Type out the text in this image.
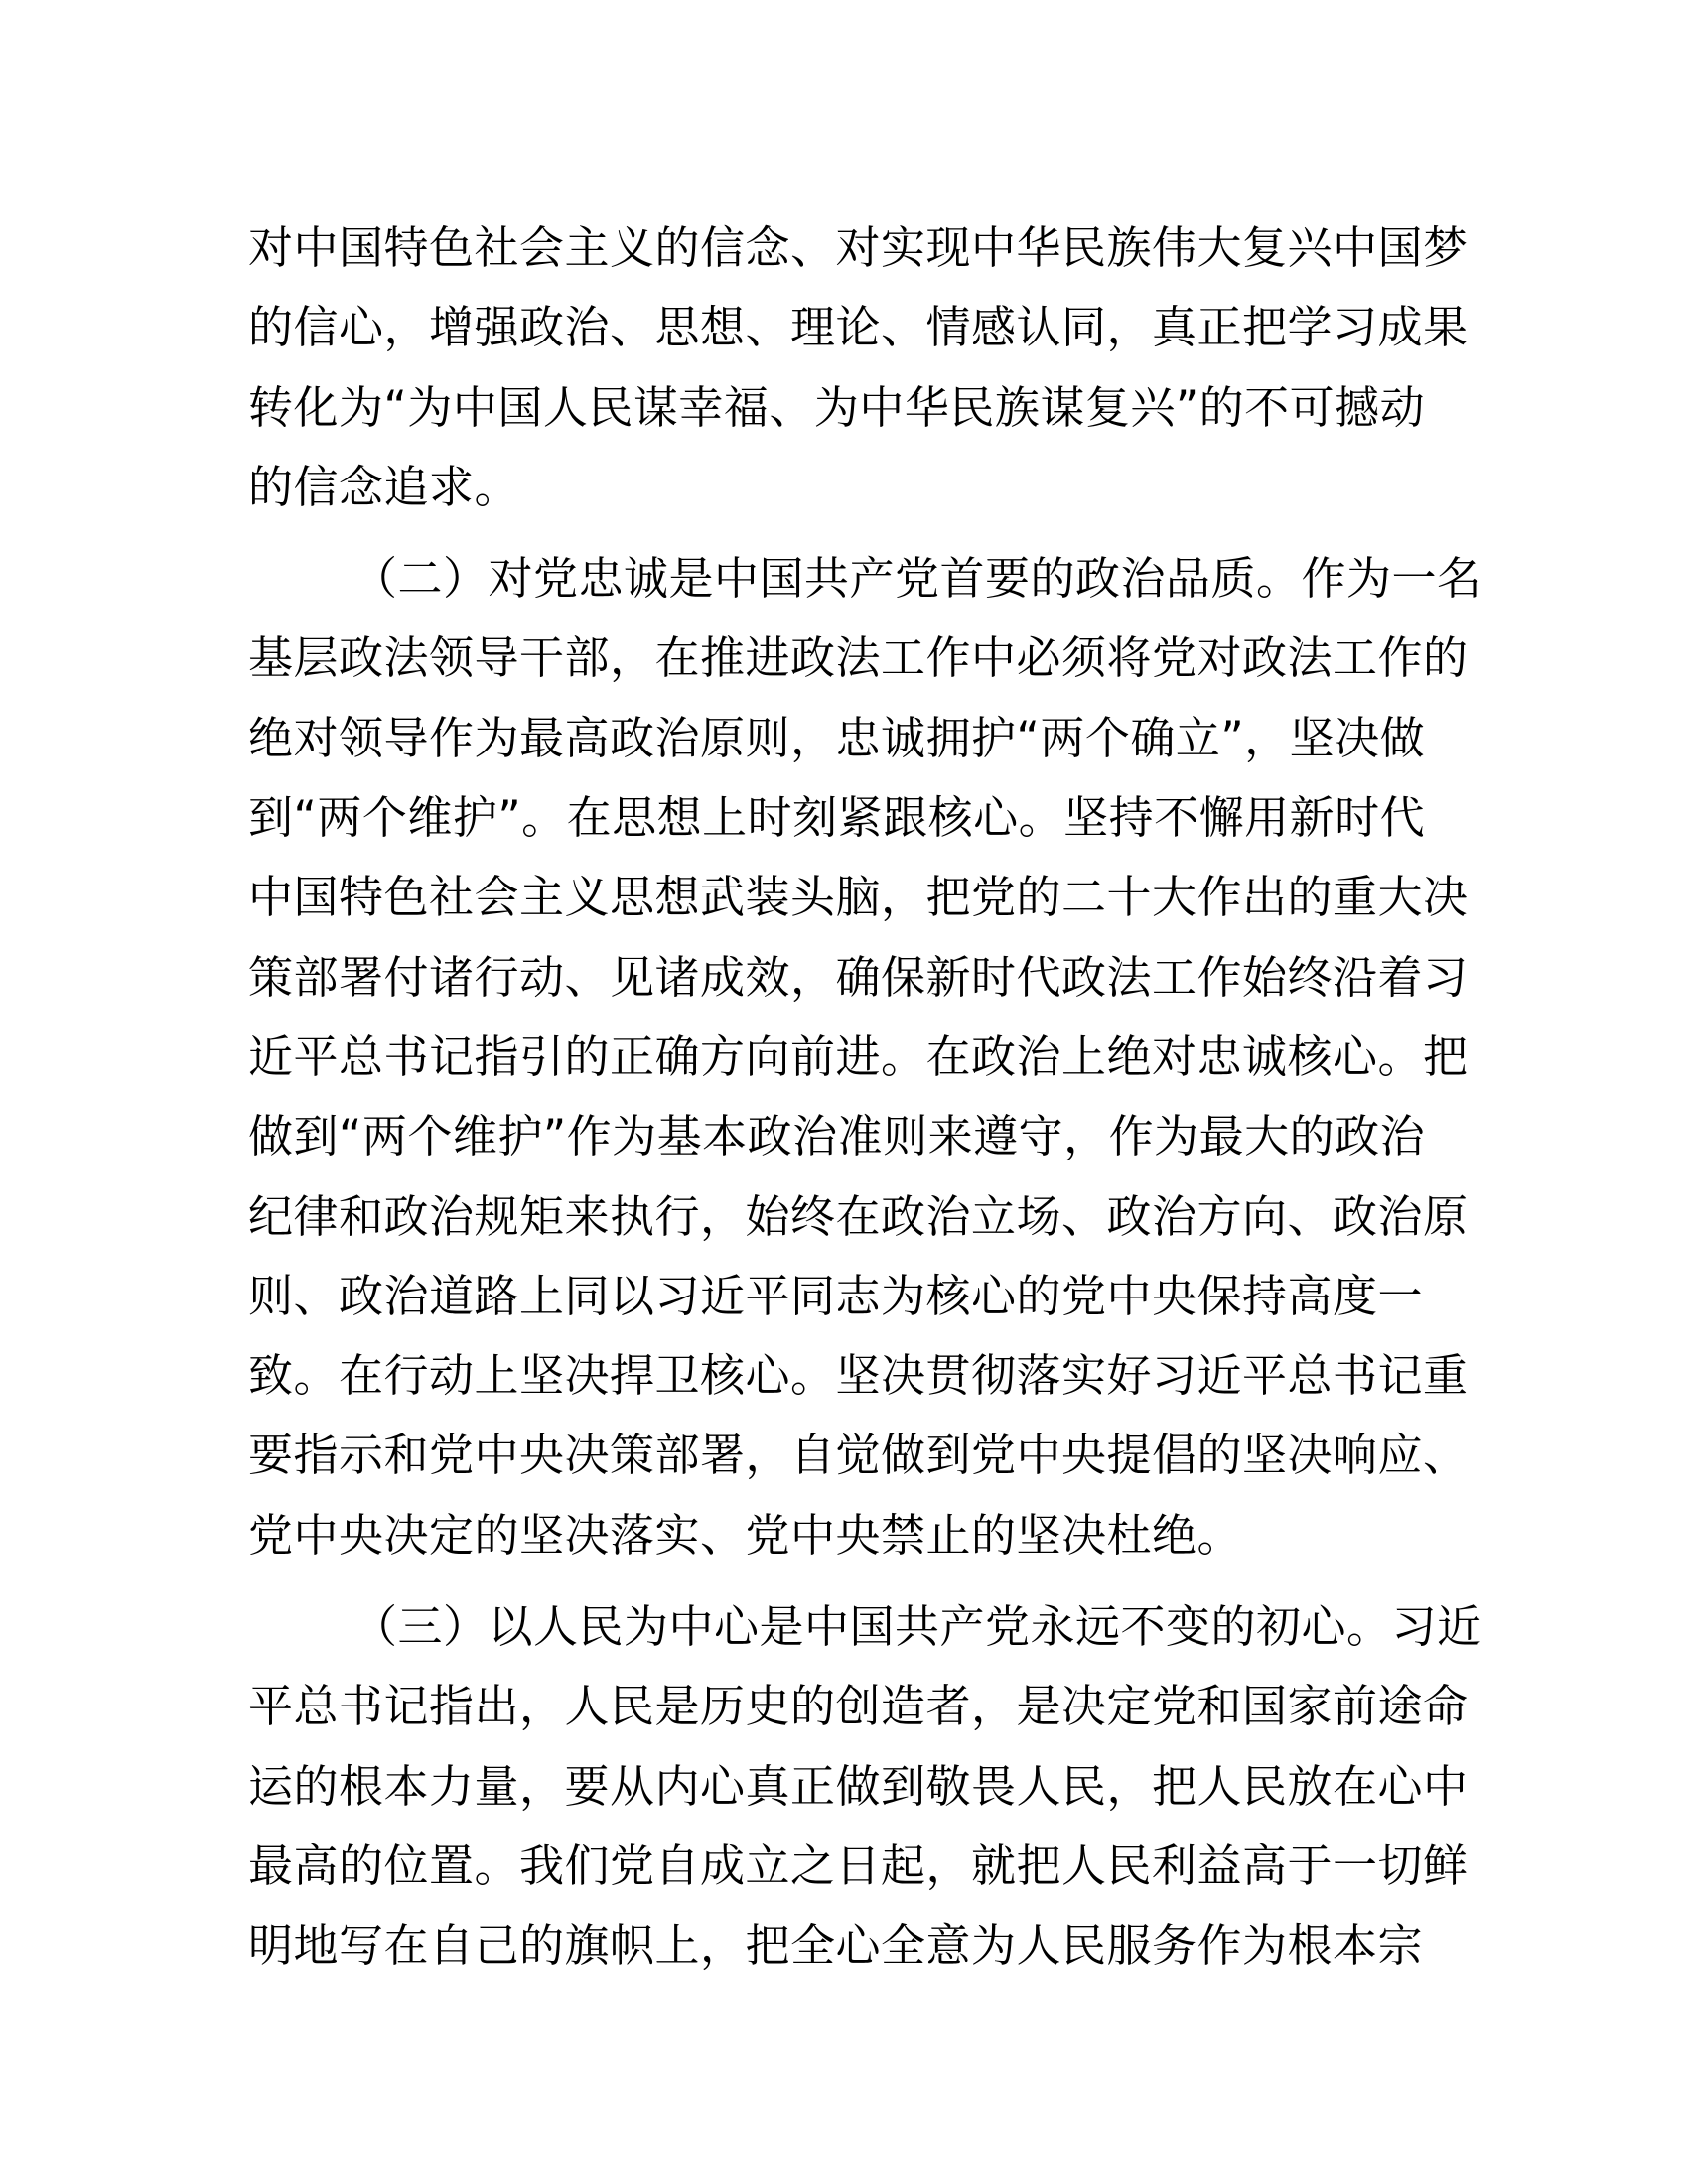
对中国特色社会主义的信念、对实现中华民族伟大复兴中国梦
的信心，增强政治、思想、理论、情感认同，真正把学习成果
转化为“为中国人民谋幸福、为中华民族谋复兴”的不可撼动
的信念追求。
（二）对党忠诚是中国共产党首要的政治品质。作为一名
基层政法领导干部，在推进政法工作中必须将党对政法工作的
绝对领导作为最高政治原则，忠诚拥护“两个确立”，坚决做
到“两个维护”。在思想上时刻紧跟核心。坚持不懈用新时代
中国特色社会主义思想武装头脑，把党的二十大作出的重大决
策部署付诸行动、见诸成效，确保新时代政法工作始终沿着习
近平总书记指引的正确方向前进。在政治上绝对忠诚核心。把
做到“两个维护”作为基本政治准则来遵守，作为最大的政治
纪律和政治规矩来执行，始终在政治立场、政治方向、政治原
则、政治道路上同以习近平同志为核心的党中央保持高度一
致。在行动上坚决捍卫核心。坚决贯彻落实好习近平总书记重
要指示和党中央决策部署，自觉做到党中央提倡的坚决响应、
党中央决定的坚决落实、党中央禁止的坚决杜绝。
（三）以人民为中心是中国共产党永远不变的初心。习近
平总书记指出，人民是历史的创造者，是决定党和国家前途命
运的根本力量，要从内心真正做到敬畏人民，把人民放在心中
最高的位置。我们党自成立之日起，就把人民利益高于一切鲜
明地写在自己的旗帜上，把全心全意为人民服务作为根本宗
